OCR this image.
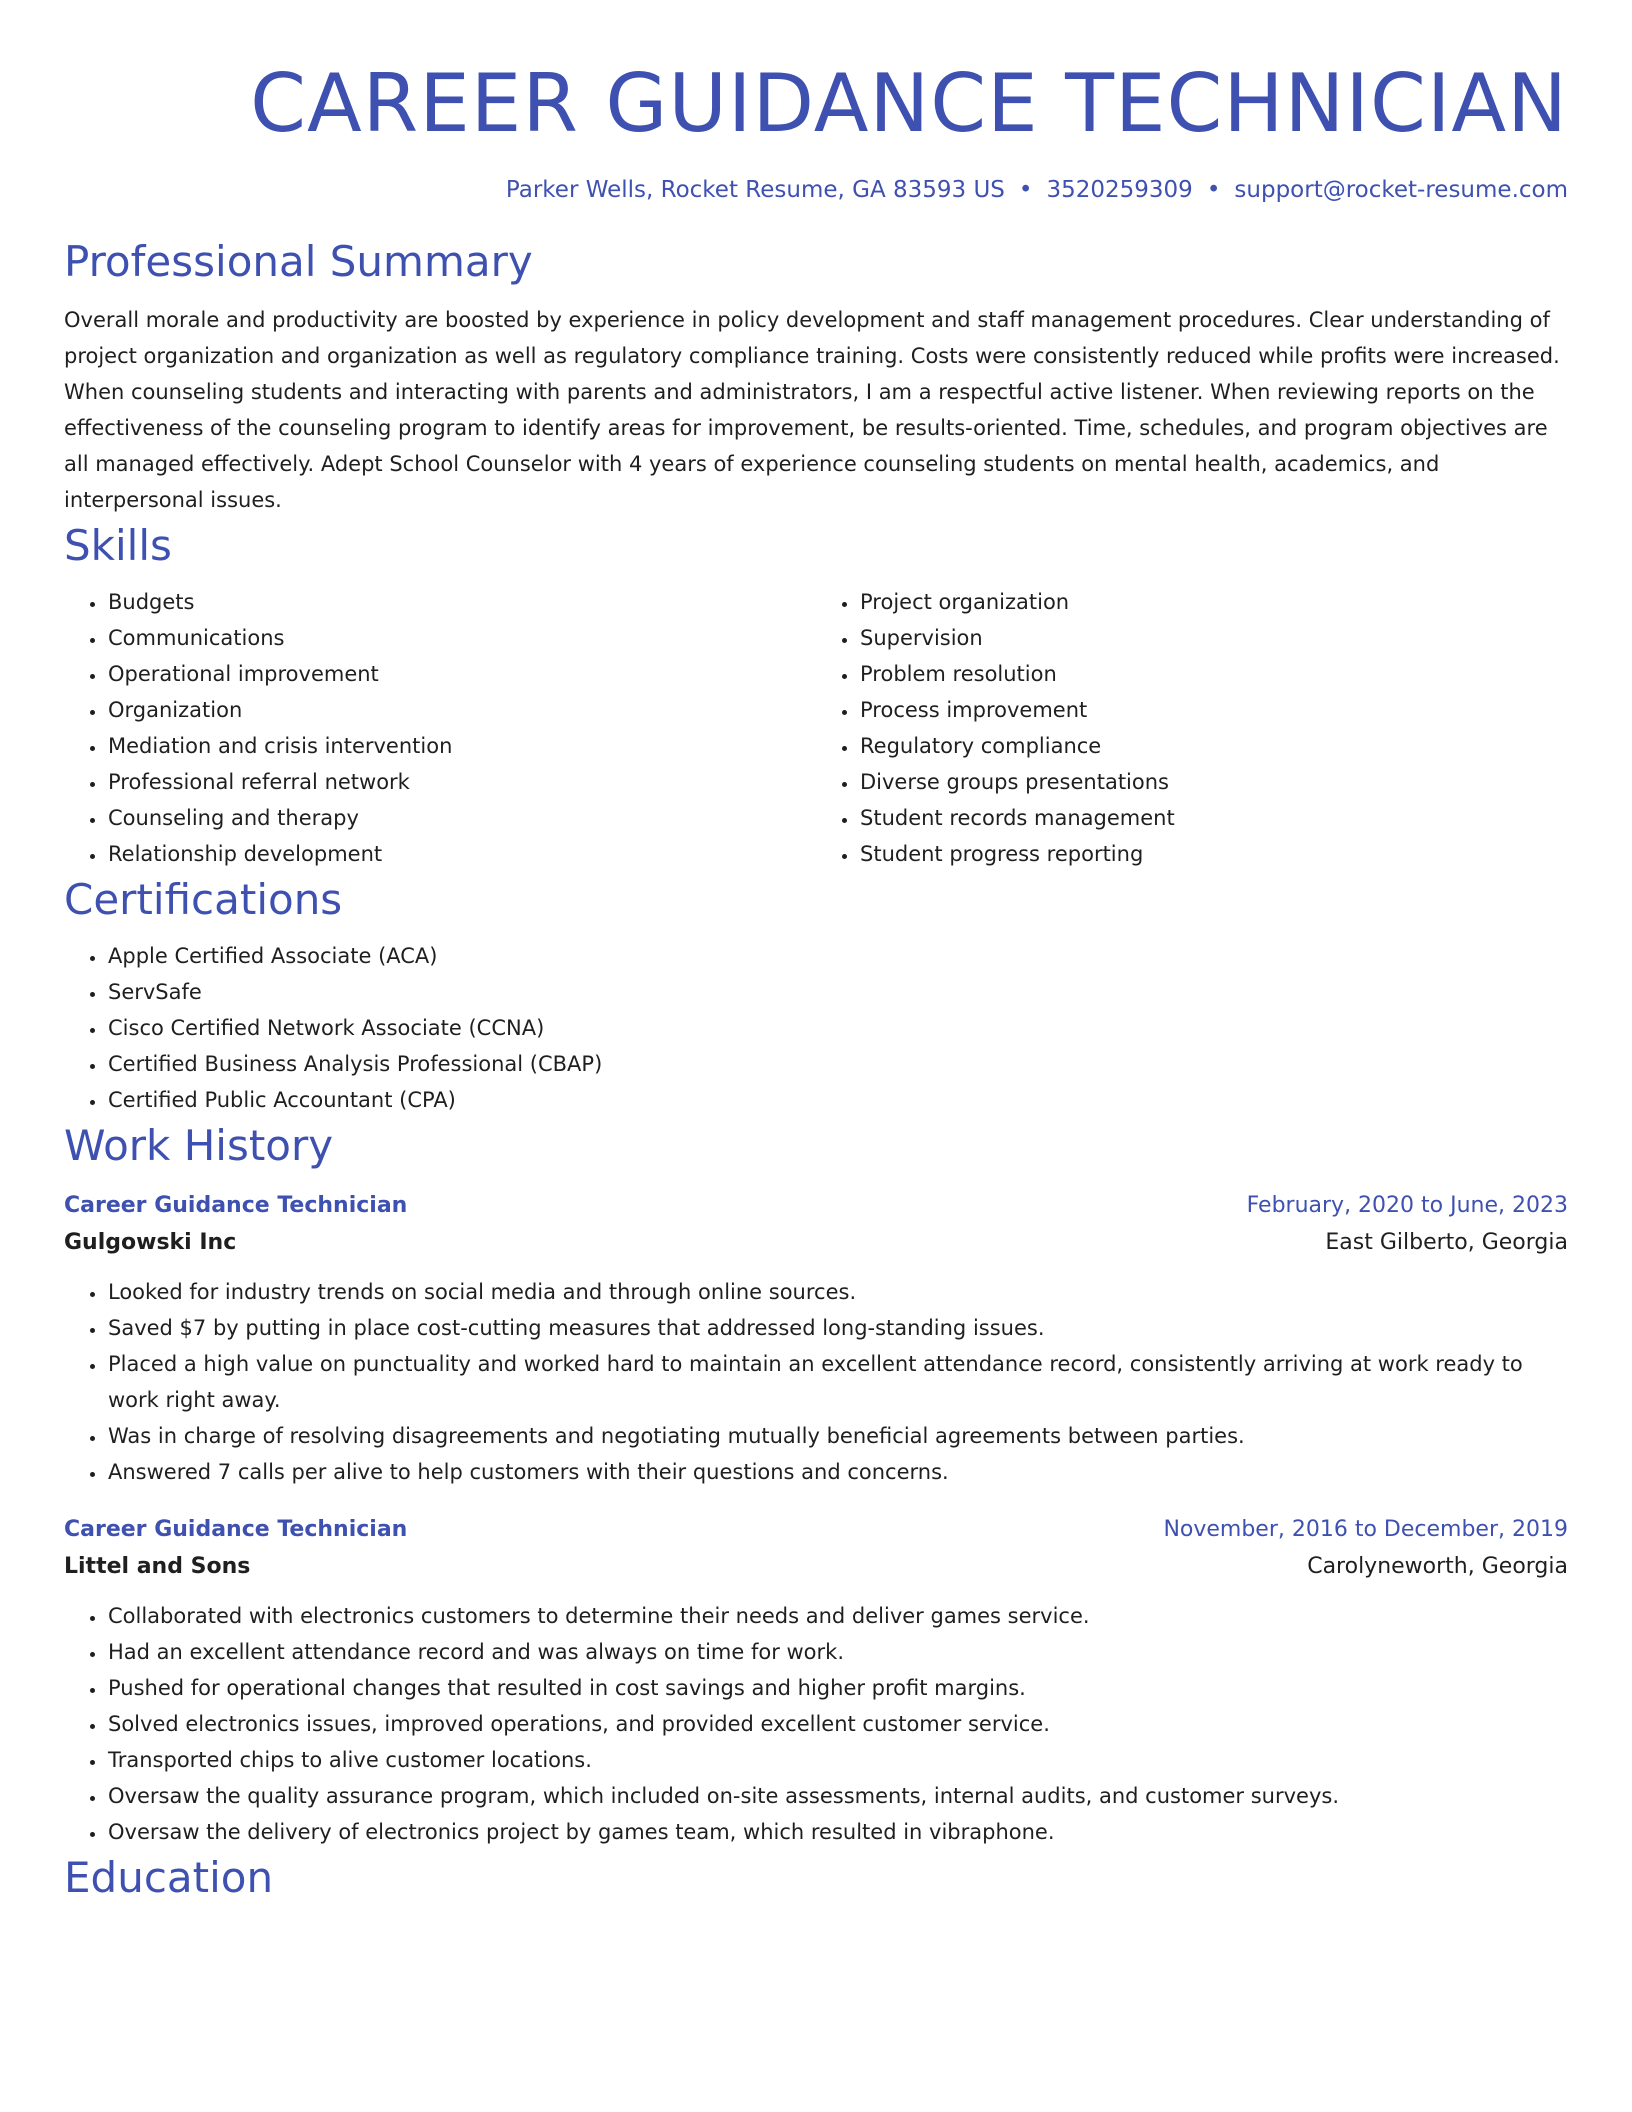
CAREER GUIDANCE TECHNICIAN
Parker Wells, Rocket Resume, GA 83593 US • 3520259309 • support@rocket-resume.com
Professional Summary

Overall morale and productivity are boosted by experience in policy development and staff management procedures. Clear understanding of project organization and organization as well as regulatory compliance training. Costs were consistently reduced while profits were increased. When counseling students and interacting with parents and administrators, I am a respectful active listener. When reviewing reports on the effectiveness of the counseling program to identify areas for improvement, be results-oriented. Time, schedules, and program objectives are all managed effectively. Adept School Counselor with 4 years of experience counseling students on mental health, academics, and interpersonal issues.

Skills
• Budgets
• Communications
• Operational improvement
• Organization
• Mediation and crisis intervention
• Professional referral network
• Counseling and therapy
• Relationship development
• Project organization
• Supervision
• Problem resolution
• Process improvement
• Regulatory compliance
• Diverse groups presentations
• Student records management
• Student progress reporting
Certifications
• Apple Certified Associate (ACA)
• ServSafe
• Cisco Certified Network Associate (CCNA)
• Certified Business Analysis Professional (CBAP)
• Certified Public Accountant (CPA)
Work History
Career Guidance Technician	February, 2020 to June, 2023
Gulgowski Inc	East Gilberto, Georgia
• Looked for industry trends on social media and through online sources.
• Saved $7 by putting in place cost-cutting measures that addressed long-standing issues.
• Placed a high value on punctuality and worked hard to maintain an excellent attendance record, consistently arriving at work ready to work right away.
• Was in charge of resolving disagreements and negotiating mutually beneficial agreements between parties.
• Answered 7 calls per alive to help customers with their questions and concerns.
Career Guidance Technician	November, 2016 to December, 2019
Littel and Sons	Carolyneworth, Georgia
• Collaborated with electronics customers to determine their needs and deliver games service.
• Had an excellent attendance record and was always on time for work.
• Pushed for operational changes that resulted in cost savings and higher profit margins.
• Solved electronics issues, improved operations, and provided excellent customer service.
• Transported chips to alive customer locations.
• Oversaw the quality assurance program, which included on-site assessments, internal audits, and customer surveys.
• Oversaw the delivery of electronics project by games team, which resulted in vibraphone.
Education
